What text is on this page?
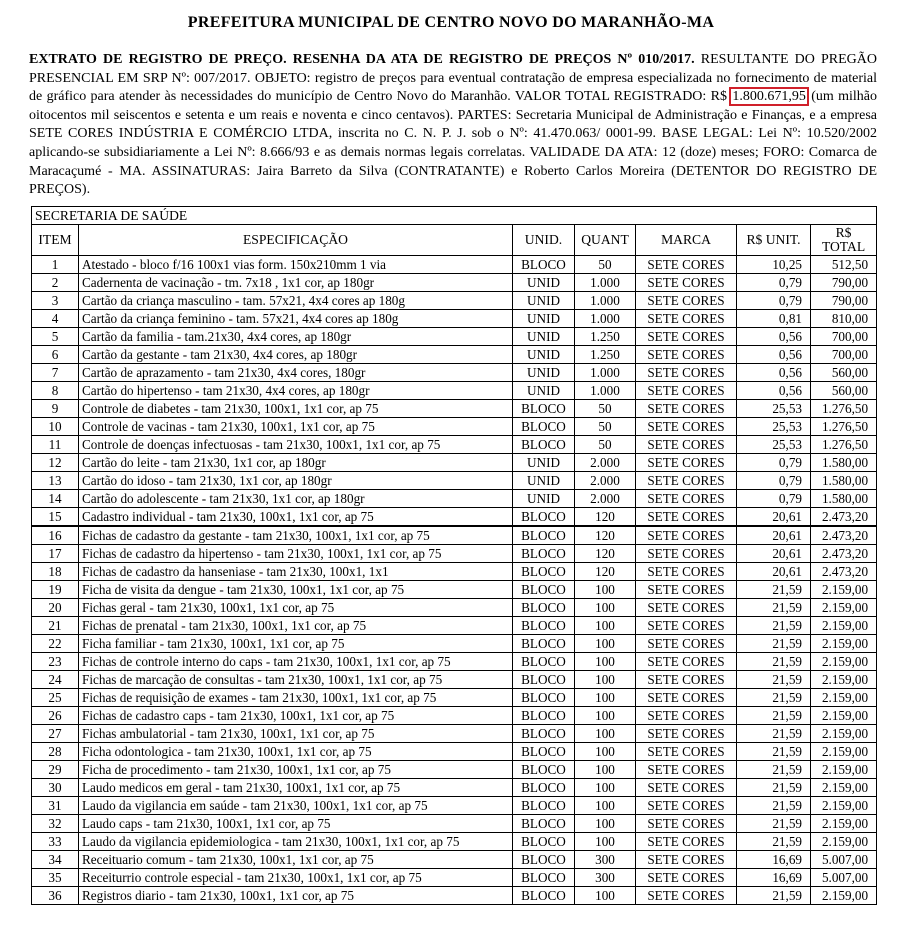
PREFEITURA MUNICIPAL DE CENTRO NOVO DO MARANHÃO-MA
EXTRATO DE REGISTRO DE PREÇO. RESENHA DA ATA DE REGISTRO DE PREÇOS Nº 010/2017. RESULTANTE DO PREGÃO PRESENCIAL EM SRP Nº: 007/2017. OBJETO: registro de preços para eventual contratação de empresa especializada no fornecimento de material de gráfico para atender às necessidades do município de Centro Novo do Maranhão. VALOR TOTAL REGISTRADO: R$ 1.800.671,95 (um milhão oitocentos mil seiscentos e setenta e um reais e noventa e cinco centavos). PARTES: Secretaria Municipal de Administração e Finanças, e a empresa SETE CORES INDÚSTRIA E COMÉRCIO LTDA, inscrita no C. N. P. J. sob o Nº: 41.470.063/ 0001-99. BASE LEGAL: Lei Nº: 10.520/2002 aplicando-se subsidiariamente a Lei Nº: 8.666/93 e as demais normas legais correlatas. VALIDADE DA ATA: 12 (doze) meses; FORO: Comarca de Maracaçumé - MA. ASSINATURAS: Jaira Barreto da Silva (CONTRATANTE) e Roberto Carlos Moreira (DETENTOR DO REGISTRO DE PREÇOS).
SECRETARIA DE SAÚDE						
ITEM	ESPECIFICAÇÃO	UNID.	QUANT	MARCA	R$ UNIT.	R$
TOTAL
1	Atestado - bloco f/16 100x1 vias form. 150x210mm 1 via	BLOCO	50	SETE CORES	10,25	512,50
2	Cadernenta de vacinação - tm. 7x18 , 1x1 cor, ap 180gr	UNID	1.000	SETE CORES	0,79	790,00
3	Cartão da criança masculino - tam. 57x21, 4x4 cores ap 180g	UNID	1.000	SETE CORES	0,79	790,00
4	Cartão da criança feminino - tam. 57x21, 4x4 cores ap 180g	UNID	1.000	SETE CORES	0,81	810,00
5	Cartão da familia - tam.21x30, 4x4 cores, ap 180gr	UNID	1.250	SETE CORES	0,56	700,00
6	Cartão da gestante - tam 21x30, 4x4 cores, ap 180gr	UNID	1.250	SETE CORES	0,56	700,00
7	Cartão de aprazamento - tam 21x30, 4x4 cores, 180gr	UNID	1.000	SETE CORES	0,56	560,00
8	Cartão do hipertenso - tam 21x30, 4x4 cores, ap 180gr	UNID	1.000	SETE CORES	0,56	560,00
9	Controle de diabetes - tam 21x30, 100x1, 1x1 cor, ap 75	BLOCO	50	SETE CORES	25,53	1.276,50
10	Controle de vacinas - tam 21x30, 100x1, 1x1 cor, ap 75	BLOCO	50	SETE CORES	25,53	1.276,50
11	Controle de doenças infectuosas - tam 21x30, 100x1, 1x1 cor, ap 75	BLOCO	50	SETE CORES	25,53	1.276,50
12	Cartão do leite - tam 21x30, 1x1 cor, ap 180gr	UNID	2.000	SETE CORES	0,79	1.580,00
13	Cartão do idoso - tam 21x30, 1x1 cor, ap 180gr	UNID	2.000	SETE CORES	0,79	1.580,00
14	Cartão do adolescente - tam 21x30, 1x1 cor, ap 180gr	UNID	2.000	SETE CORES	0,79	1.580,00
15	Cadastro individual - tam 21x30, 100x1, 1x1 cor, ap 75	BLOCO	120	SETE CORES	20,61	2.473,20
16	Fichas de cadastro da gestante - tam 21x30, 100x1, 1x1 cor, ap 75	BLOCO	120	SETE CORES	20,61	2.473,20
17	Fichas de cadastro da hipertenso - tam 21x30, 100x1, 1x1 cor, ap 75	BLOCO	120	SETE CORES	20,61	2.473,20
18	Fichas de cadastro da hanseniase - tam 21x30, 100x1, 1x1	BLOCO	120	SETE CORES	20,61	2.473,20
19	Ficha de visita da dengue - tam 21x30, 100x1, 1x1 cor, ap 75	BLOCO	100	SETE CORES	21,59	2.159,00
20	Fichas geral - tam 21x30, 100x1, 1x1 cor, ap 75	BLOCO	100	SETE CORES	21,59	2.159,00
21	Fichas de prenatal - tam 21x30, 100x1, 1x1 cor, ap 75	BLOCO	100	SETE CORES	21,59	2.159,00
22	Ficha familiar - tam 21x30, 100x1, 1x1 cor, ap 75	BLOCO	100	SETE CORES	21,59	2.159,00
23	Fichas de controle interno do caps - tam 21x30, 100x1, 1x1 cor, ap 75	BLOCO	100	SETE CORES	21,59	2.159,00
24	Fichas de marcação de consultas - tam 21x30, 100x1, 1x1 cor, ap 75	BLOCO	100	SETE CORES	21,59	2.159,00
25	Fichas de requisição de exames - tam 21x30, 100x1, 1x1 cor, ap 75	BLOCO	100	SETE CORES	21,59	2.159,00
26	Fichas de cadastro caps - tam 21x30, 100x1, 1x1 cor, ap 75	BLOCO	100	SETE CORES	21,59	2.159,00
27	Fichas ambulatorial - tam 21x30, 100x1, 1x1 cor, ap 75	BLOCO	100	SETE CORES	21,59	2.159,00
28	Ficha odontologica - tam 21x30, 100x1, 1x1 cor, ap 75	BLOCO	100	SETE CORES	21,59	2.159,00
29	Ficha de procedimento - tam 21x30, 100x1, 1x1 cor, ap 75	BLOCO	100	SETE CORES	21,59	2.159,00
30	Laudo medicos em geral - tam 21x30, 100x1, 1x1 cor, ap 75	BLOCO	100	SETE CORES	21,59	2.159,00
31	Laudo da vigilancia em saúde - tam 21x30, 100x1, 1x1 cor, ap 75	BLOCO	100	SETE CORES	21,59	2.159,00
32	Laudo caps - tam 21x30, 100x1, 1x1 cor, ap 75	BLOCO	100	SETE CORES	21,59	2.159,00
33	Laudo da vigilancia epidemiologica - tam 21x30, 100x1, 1x1 cor, ap 75	BLOCO	100	SETE CORES	21,59	2.159,00
34	Receituario comum - tam 21x30, 100x1, 1x1 cor, ap 75	BLOCO	300	SETE CORES	16,69	5.007,00
35	Receiturrio controle especial - tam 21x30, 100x1, 1x1 cor, ap 75	BLOCO	300	SETE CORES	16,69	5.007,00
36	Registros diario - tam 21x30, 100x1, 1x1 cor, ap 75	BLOCO	100	SETE CORES	21,59	2.159,00
